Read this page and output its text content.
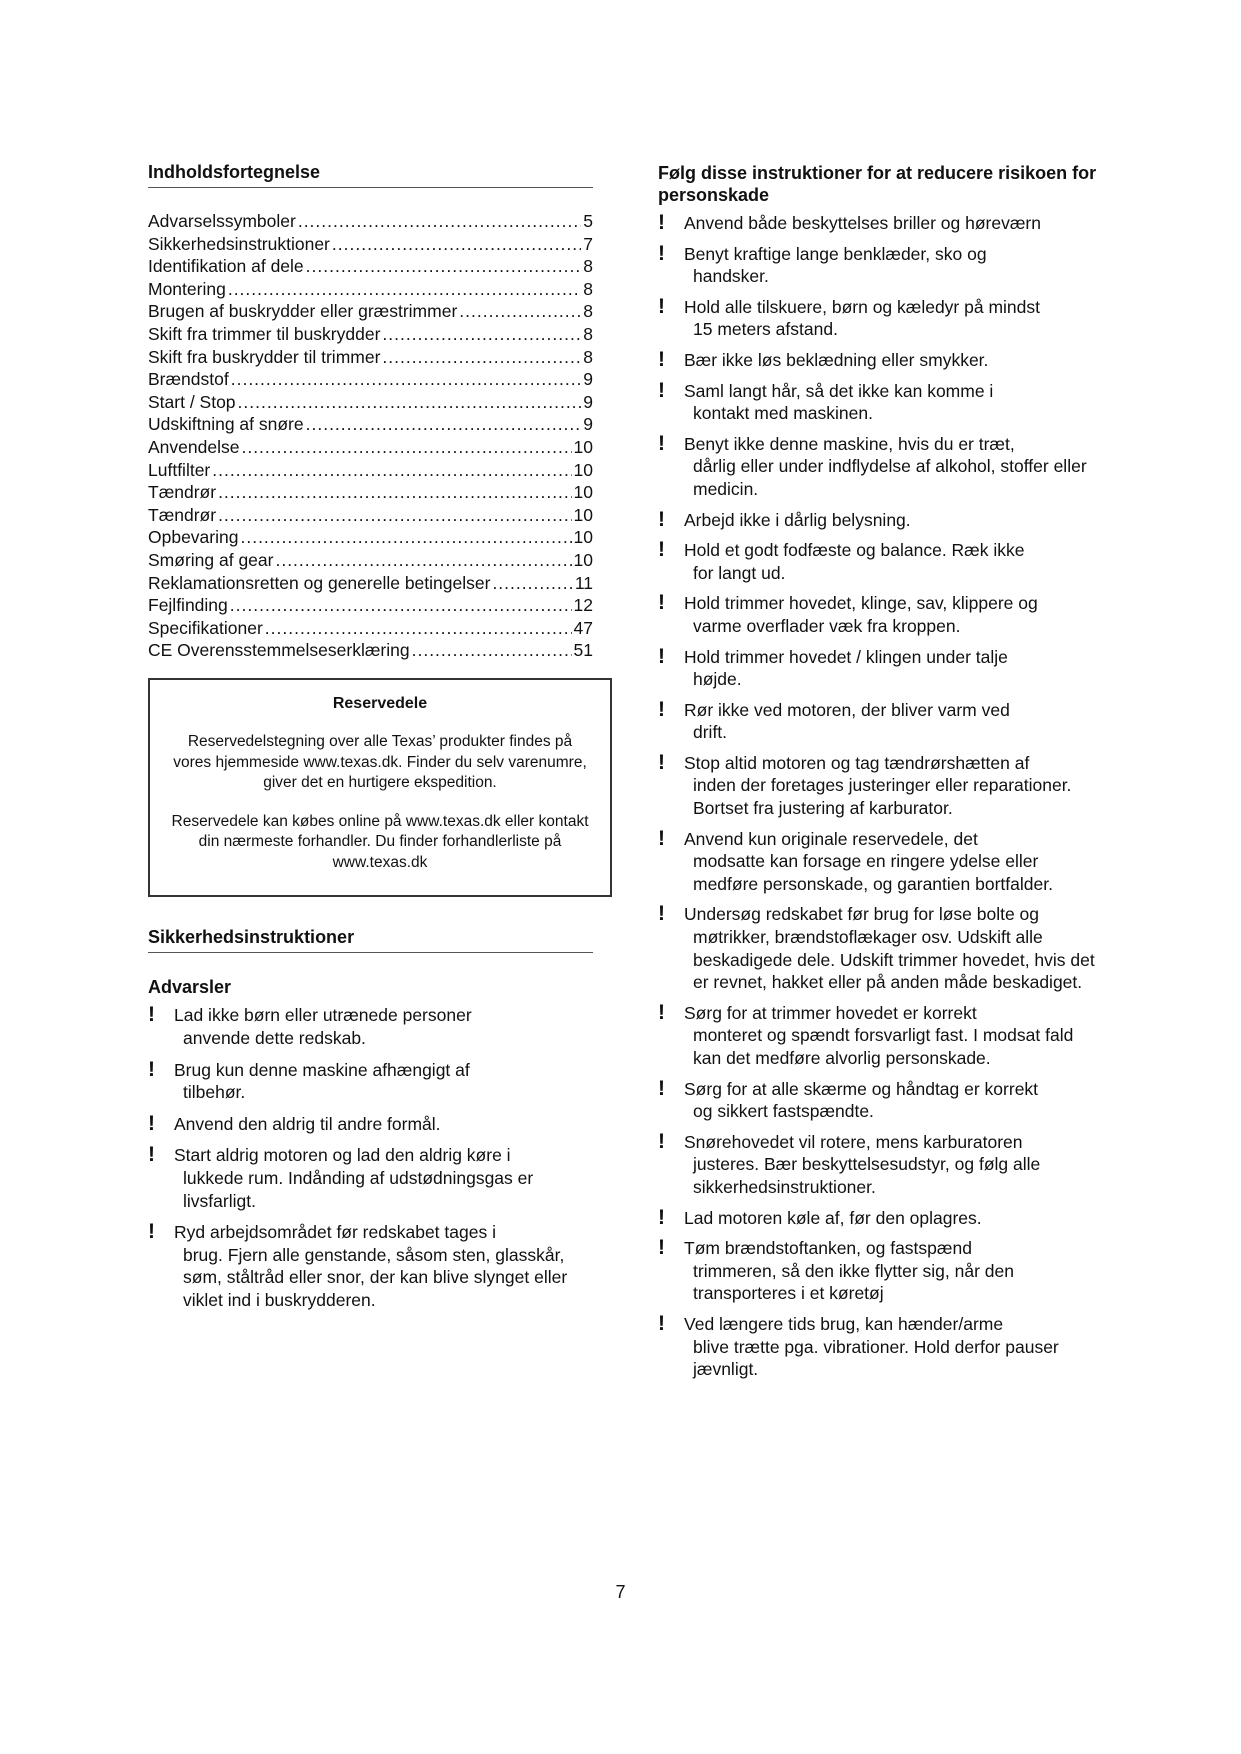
Indholdsfortegnelse
Advarselssymboler .....	5
Sikkerhedsinstruktioner .....	7
Identifikation af dele .....	8
Montering .....	8
Brugen af buskrydder eller græstrimmer .....	8
Skift fra trimmer til buskrydder .....	8
Skift fra buskrydder til trimmer .....	8
Brændstof .....	9
Start / Stop .....	9
Udskiftning af snøre .....	9
Anvendelse .....	10
Luftfilter .....	10
Tændrør .....	10
Tændrør .....	10
Opbevaring .....	10
Smøring af gear .....	10
Reklamationsretten og generelle betingelser .....	11
Fejlfinding .....	12
Specifikationer .....	47
CE Overensstemmelseserklæring .....	51
Reservedele

Reservedelstegning over alle Texas’ produkter findes på vores hjemmeside www.texas.dk. Finder du selv varenumre, giver det en hurtigere ekspedition.

Reservedele kan købes online på www.texas.dk eller kontakt din nærmeste forhandler. Du finder forhandlerliste på www.texas.dk

Sikkerhedsinstruktioner
Advarsler
!	Lad ikke børn eller utrænede personer
anvende dette redskab.
!	Brug kun denne maskine afhængigt af
tilbehør.
!	Anvend den aldrig til andre formål.
!	Start aldrig motoren og lad den aldrig køre i
lukkede rum. Indånding af udstødningsgas er livsfarligt.
!	Ryd arbejdsområdet før redskabet tages i
brug. Fjern alle genstande, såsom sten, glasskår, søm, ståltråd eller snor, der kan blive slynget eller viklet ind i buskrydderen.
Følg disse instruktioner for at reducere risikoen for personskade
!	Anvend både beskyttelses briller og høreværn
!	Benyt kraftige lange benklæder, sko og
handsker.
!	Hold alle tilskuere, børn og kæledyr på mindst
15 meters afstand.
!	Bær ikke løs beklædning eller smykker.
!	Saml langt hår, så det ikke kan komme i
kontakt med maskinen.
!	Benyt ikke denne maskine, hvis du er træt,
dårlig eller under indflydelse af alkohol, stoffer eller medicin.
!	Arbejd ikke i dårlig belysning.
!	Hold et godt fodfæste og balance. Ræk ikke
for langt ud.
!	Hold trimmer hovedet, klinge, sav, klippere og
varme overflader væk fra kroppen.
!	Hold trimmer hovedet / klingen under talje
højde.
!	Rør ikke ved motoren, der bliver varm ved
drift.
!	Stop altid motoren og tag tændrørshætten af
inden der foretages justeringer eller reparationer. Bortset fra justering af karburator.
!	Anvend kun originale reservedele, det
modsatte kan forsage en ringere ydelse eller medføre personskade, og garantien bortfalder.
!	Undersøg redskabet før brug for løse bolte og
møtrikker, brændstoflækager osv. Udskift alle beskadigede dele. Udskift trimmer hovedet, hvis det er revnet, hakket eller på anden måde beskadiget.
!	Sørg for at trimmer hovedet er korrekt
monteret og spændt forsvarligt fast. I modsat fald kan det medføre alvorlig personskade.
!	Sørg for at alle skærme og håndtag er korrekt
og sikkert fastspændte.
!	Snørehovedet vil rotere, mens karburatoren
justeres. Bær beskyttelsesudstyr, og følg alle sikkerhedsinstruktioner.
!	Lad motoren køle af, før den oplagres.
!	Tøm brændstoftanken, og fastspænd
trimmeren, så den ikke flytter sig, når den transporteres i et køretøj
!	Ved længere tids brug, kan hænder/arme
blive trætte pga. vibrationer. Hold derfor pauser jævnligt.
7
